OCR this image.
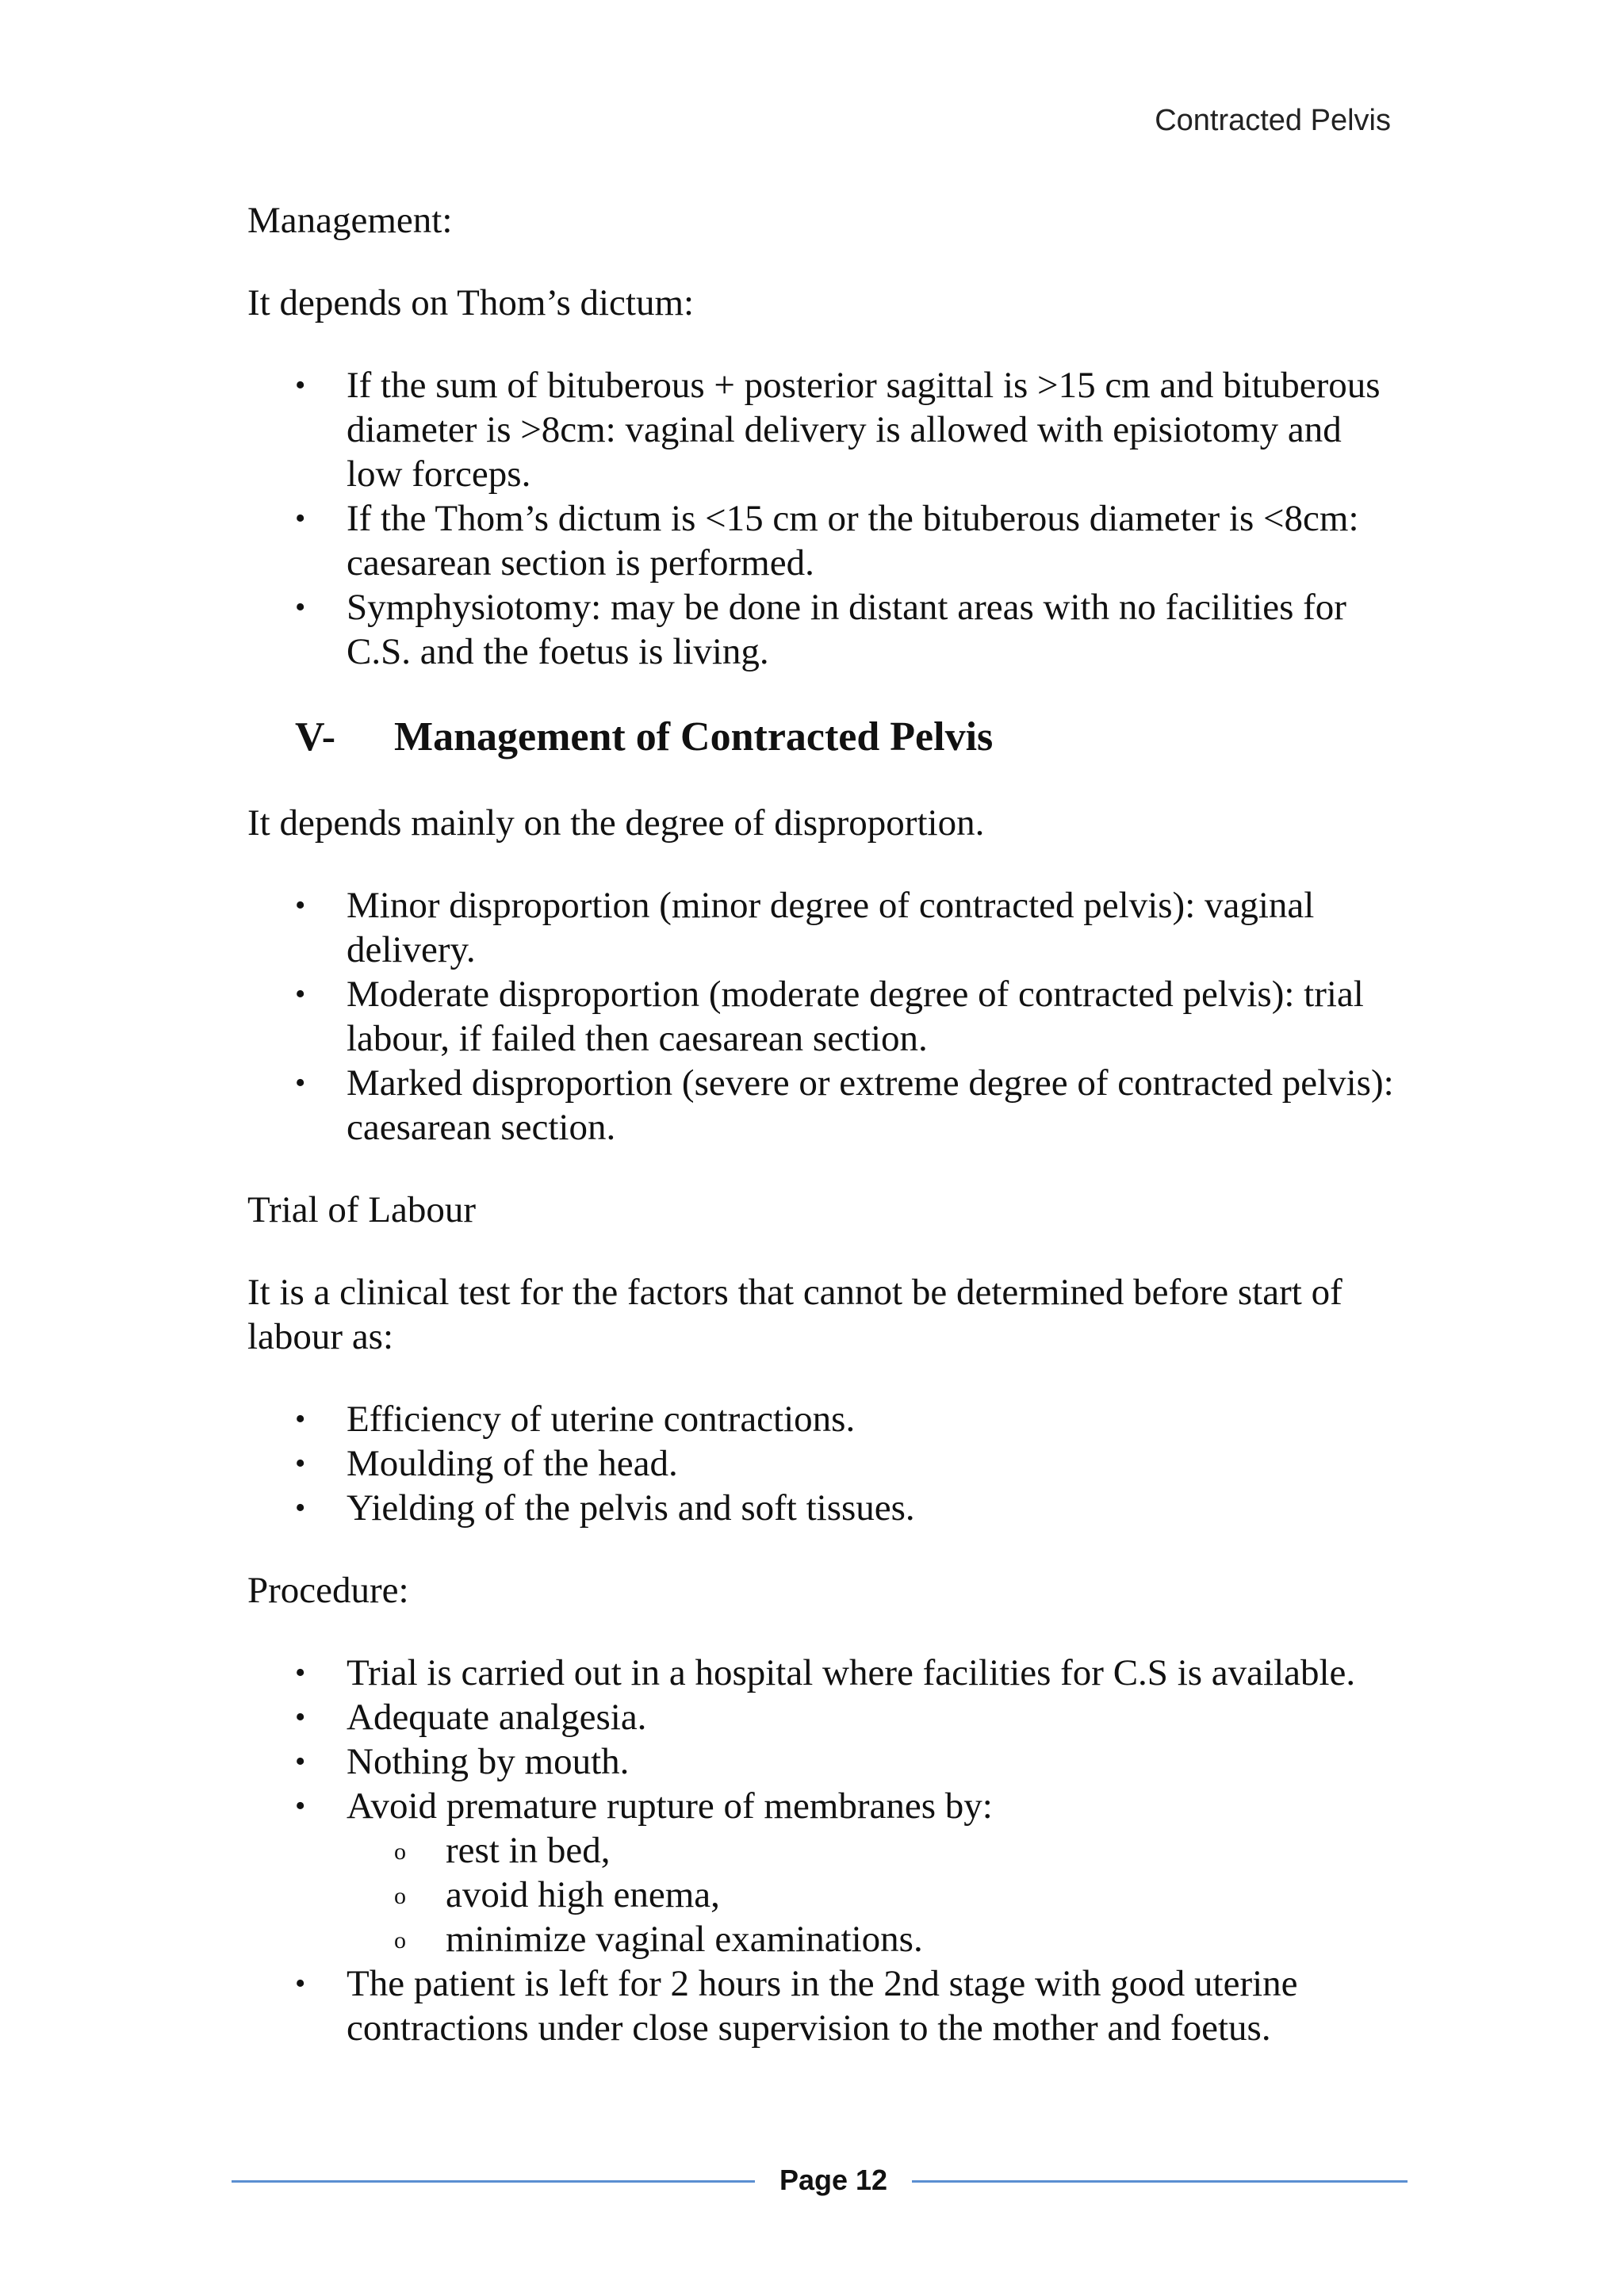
Contracted Pelvis

Management:

It depends on Thom’s dictum:

• If the sum of bituberous + posterior sagittal is >15 cm and bituberous diameter is >8cm: vaginal delivery is allowed with episiotomy and low forceps.
• If the Thom’s dictum is <15 cm or the bituberous diameter is <8cm: caesarean section is performed.
• Symphysiotomy: may be done in distant areas with no facilities for C.S. and the foetus is living.
V-	Management of Contracted Pelvis

It depends mainly on the degree of disproportion.

• Minor disproportion (minor degree of contracted pelvis): vaginal delivery.
• Moderate disproportion (moderate degree of contracted pelvis): trial labour, if failed then caesarean section.
• Marked disproportion (severe or extreme degree of contracted pelvis): caesarean section.

Trial of Labour

It is a clinical test for the factors that cannot be determined before start of labour as:

• Efficiency of uterine contractions.
• Moulding of the head.
• Yielding of the pelvis and soft tissues.

Procedure:

• Trial is carried out in a hospital where facilities for C.S is available.
• Adequate analgesia.
• Nothing by mouth.
• Avoid premature rupture of membranes by:
o rest in bed,
o avoid high enema,
o minimize vaginal examinations.
• The patient is left for 2 hours in the 2nd stage with good uterine contractions under close supervision to the mother and foetus.
Page 12
